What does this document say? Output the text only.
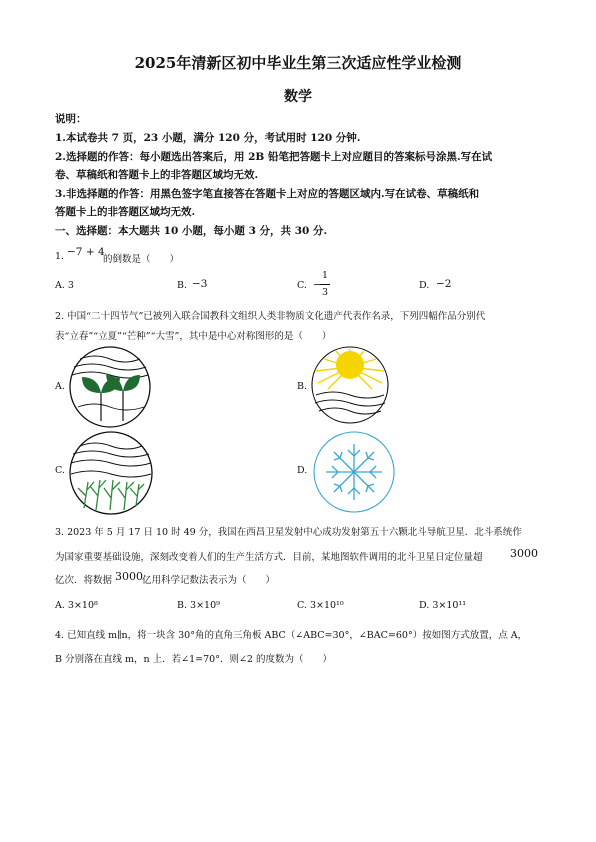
2025年清新区初中毕业生第三次适应性学业检测
数学
说明：
1.本试卷共 7 页，23 小题，满分 120 分，考试用时 120 分钟.
2.选择题的作答：每小题选出答案后，用 2B 铅笔把答题卡上对应题目的答案标号涂黑.写在试
卷、草稿纸和答题卡上的非答题区域均无效.
3.非选择题的作答：用黑色签字笔直接答在答题卡上对应的答题区域内.写在试卷、草稿纸和
答题卡上的非答题区域均无效.
一、选择题：本大题共 10 小题，每小题 3 分，共 30 分.
1. −7 + 4
的倒数是（　　）
A. 3	B. −3	C. −
1
3
D. −2
2. 中国“二十四节气”已被列入联合国教科文组织人类非物质文化遗产代表作名录，下列四幅作品分别代
表“立春”“立夏”“芒种”“大雪”，其中是中心对称图形的是（　　）
A.	B.
C.	D.
3. 2023 年 5 月 17 日 10 时 49 分，我国在西昌卫星发射中心成功发射第五十六颗北斗导航卫星．北斗系统作
为国家重要基础设施，深刻改变着人们的生产生活方式．目前，某地图软件调用的北斗卫星日定位量超 3000
亿次．将数据 3000 亿用科学记数法表示为（　　）
A. 3×10⁸	B. 3×10⁹	C. 3×10¹⁰	D. 3×10¹¹
4. 已知直线 m∥n，将一块含 30°角的直角三角板 ABC（∠ABC=30°，∠BAC=60°）按如图方式放置，点 A，
B 分别落在直线 m，n 上．若∠1=70°．则∠2 的度数为（　　）
